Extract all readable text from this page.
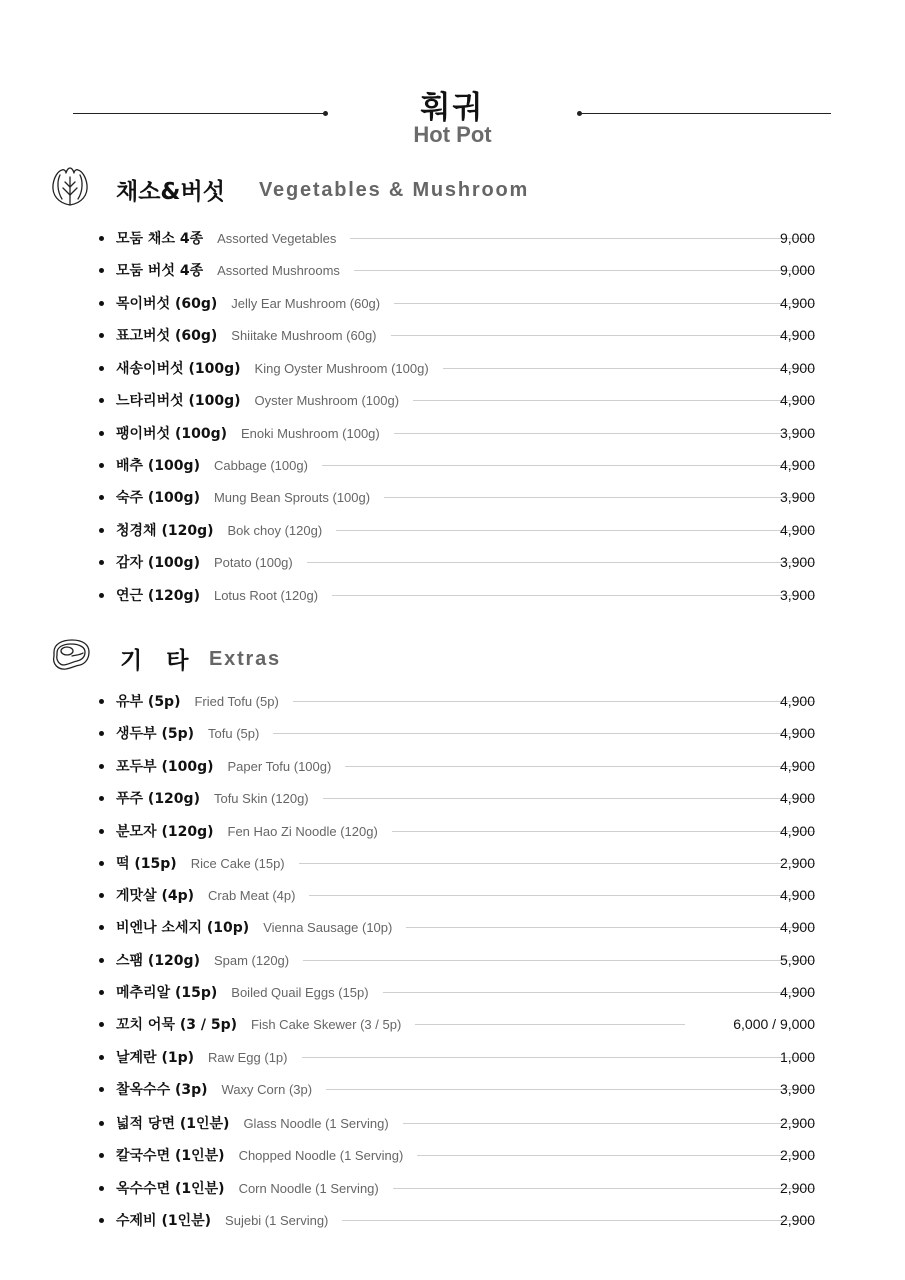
훠궈
Hot Pot
채소&버섯 Vegetables & Mushroom
모둠 채소 4종 Assorted Vegetables	9,000
모둠 버섯 4종 Assorted Mushrooms	9,000
목이버섯 (60g) Jelly Ear Mushroom (60g)	4,900
표고버섯 (60g) Shiitake Mushroom (60g)	4,900
새송이버섯 (100g) King Oyster Mushroom (100g)	4,900
느타리버섯 (100g) Oyster Mushroom (100g)	4,900
팽이버섯 (100g) Enoki Mushroom (100g)	3,900
배추 (100g) Cabbage (100g)	4,900
숙주 (100g) Mung Bean Sprouts (100g)	3,900
청경채 (120g) Bok choy (120g)	4,900
감자 (100g) Potato (100g)	3,900
연근 (120g) Lotus Root (120g)	3,900
기 타 Extras
유부 (5p) Fried Tofu (5p)	4,900
생두부 (5p) Tofu (5p)	4,900
포두부 (100g) Paper Tofu (100g)	4,900
푸주 (120g) Tofu Skin (120g)	4,900
분모자 (120g) Fen Hao Zi Noodle (120g)	4,900
떡 (15p) Rice Cake (15p)	2,900
게맛살 (4p) Crab Meat (4p)	4,900
비엔나 소세지 (10p) Vienna Sausage (10p)	4,900
스팸 (120g) Spam (120g)	5,900
메추리알 (15p) Boiled Quail Eggs (15p)	4,900
꼬치 어묵 (3 / 5p) Fish Cake Skewer (3 / 5p)	6,000 / 9,000
날계란 (1p) Raw Egg (1p)	1,000
찰옥수수 (3p) Waxy Corn (3p)	3,900
넓적 당면 (1인분) Glass Noodle (1 Serving)	2,900
칼국수면 (1인분) Chopped Noodle (1 Serving)	2,900
옥수수면 (1인분) Corn Noodle (1 Serving)	2,900
수제비 (1인분) Sujebi (1 Serving)	2,900
